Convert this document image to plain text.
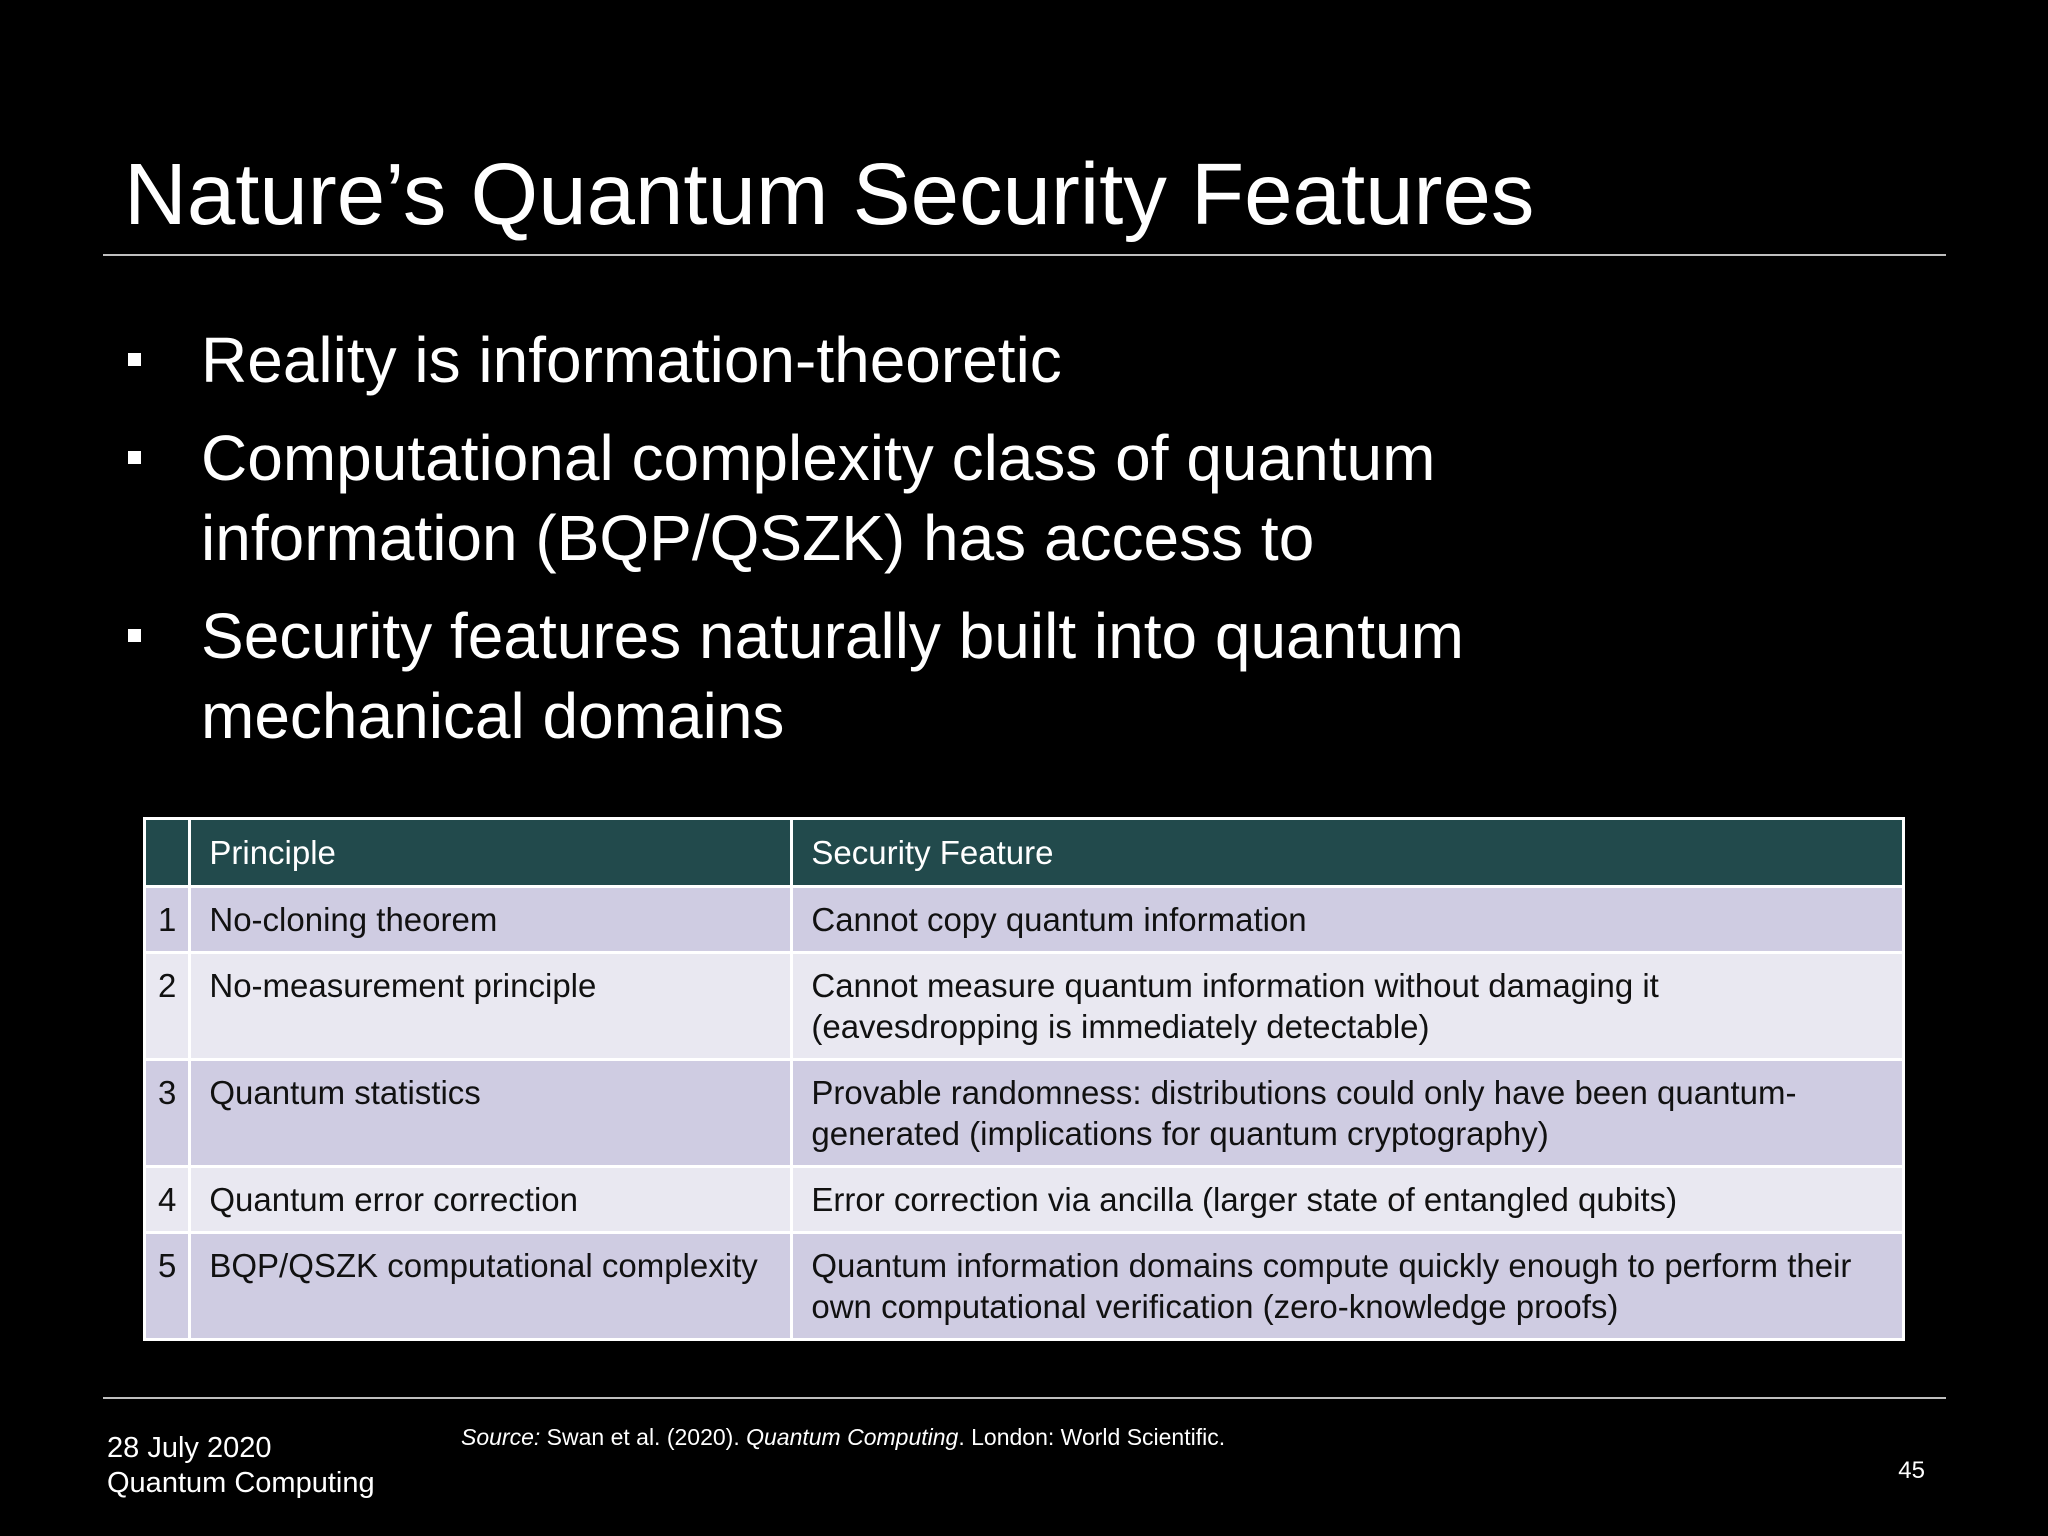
Nature’s Quantum Security Features
Reality is information-theoretic
Computational complexity class of quantum information (BQP/QSZK) has access to
Security features naturally built into quantum mechanical domains
	Principle	Security Feature
1	No-cloning theorem	Cannot copy quantum information
2	No-measurement principle	Cannot measure quantum information without damaging it (eavesdropping is immediately detectable)
3	Quantum statistics	Provable randomness: distributions could only have been quantum-generated (implications for quantum cryptography)
4	Quantum error correction	Error correction via ancilla (larger state of entangled qubits)
5	BQP/QSZK computational complexity	Quantum information domains compute quickly enough to perform their own computational verification (zero-knowledge proofs)
Source: Swan et al. (2020). Quantum Computing. London: World Scientific.
28 July 2020
Quantum Computing	45
